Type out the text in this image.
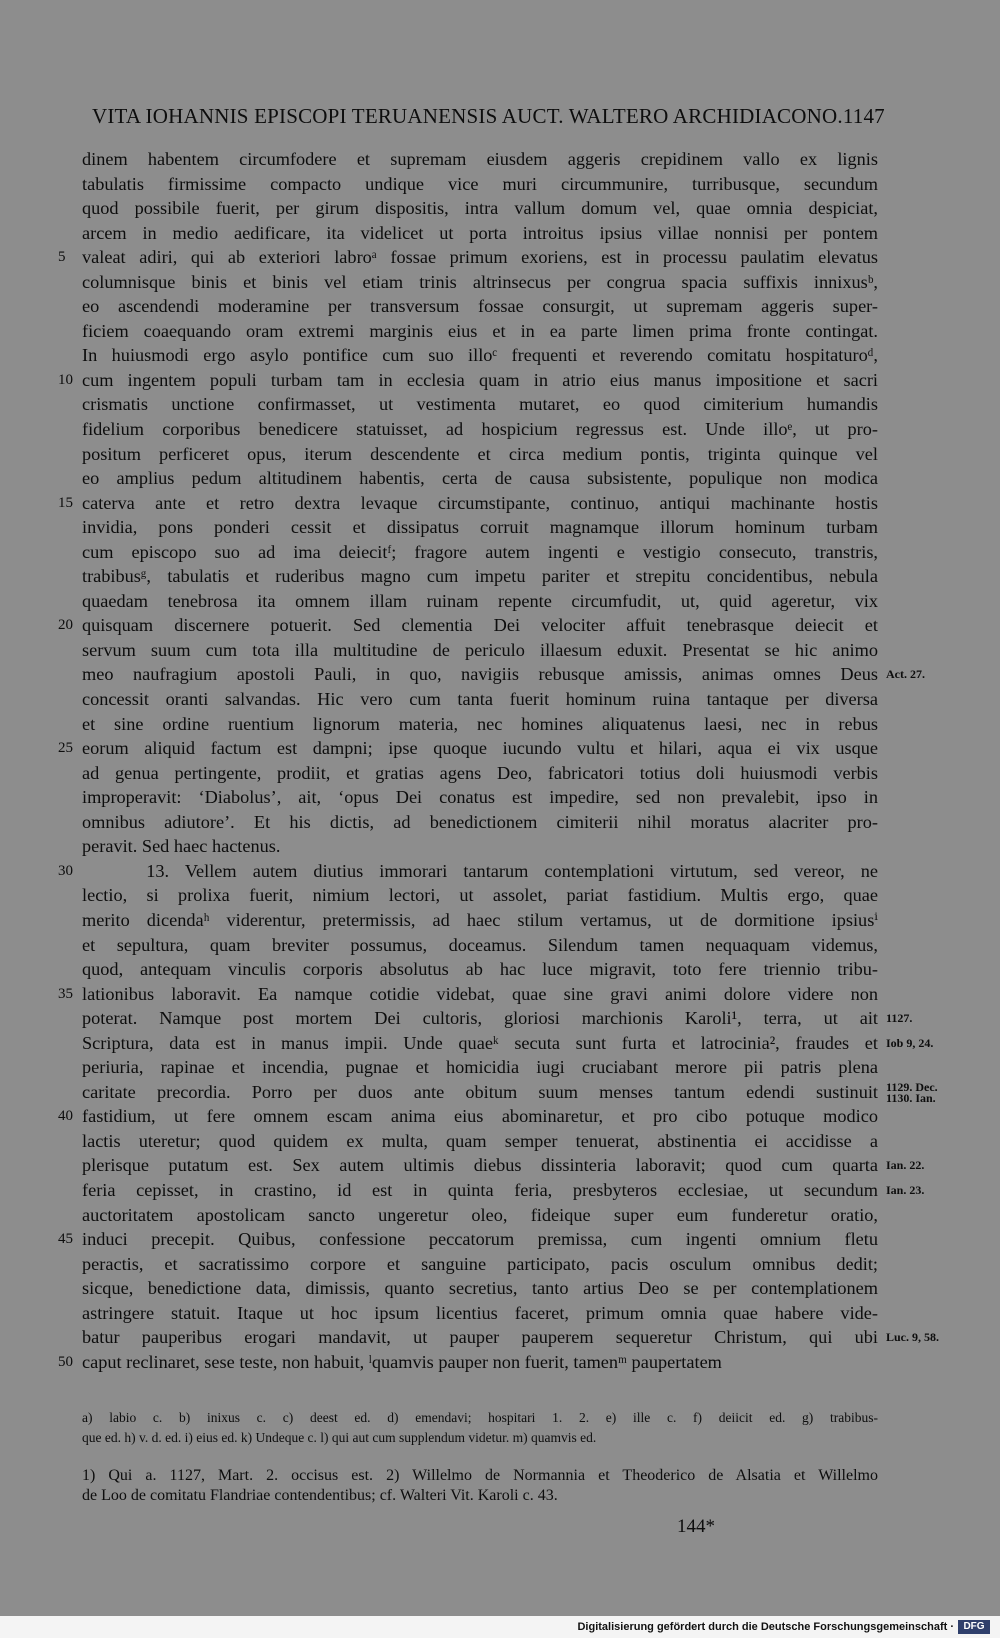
VITA IOHANNIS EPISCOPI TERUANENSIS AUCT. WALTERO ARCHIDIACONO. 1147
dinem habentem circumfodere et supremam eiusdem aggeris crepidinem vallo ex lignis
tabulatis firmissime compacto undique vice muri circummunire, turribusque, secundum
quod possibile fuerit, per girum dispositis, intra vallum domum vel, quae omnia despiciat,
arcem in medio aedificare, ita videlicet ut porta introitus ipsius villae nonnisi per pontem
5 valeat adiri, qui ab exteriori labroᵃ fossae primum exoriens, est in processu paulatim elevatus
columnisque binis et binis vel etiam trinis altrinsecus per congrua spacia suffixis innixusᵇ,
eo ascendendi moderamine per transversum fossae consurgit, ut supremam aggeris super-
ficiem coaequando oram extremi marginis eius et in ea parte limen prima fronte contingat.
In huiusmodi ergo asylo pontifice cum suo illoᶜ frequenti et reverendo comitatu hospitaturoᵈ,
10 cum ingentem populi turbam tam in ecclesia quam in atrio eius manus impositione et sacri
crismatis unctione confirmasset, ut vestimenta mutaret, eo quod cimiterium humandis
fidelium corporibus benedicere statuisset, ad hospicium regressus est. Unde illoᵉ, ut pro-
positum perficeret opus, iterum descendente et circa medium pontis, triginta quinque vel
eo amplius pedum altitudinem habentis, certa de causa subsistente, populique non modica
15 caterva ante et retro dextra levaque circumstipante, continuo, antiqui machinante hostis
invidia, pons ponderi cessit et dissipatus corruit magnamque illorum hominum turbam
cum episcopo suo ad ima deiecitᶠ; fragore autem ingenti e vestigio consecuto, transtris,
trabibusᵍ, tabulatis et ruderibus magno cum impetu pariter et strepitu concidentibus, nebula
quaedam tenebrosa ita omnem illam ruinam repente circumfudit, ut, quid ageretur, vix
20 quisquam discernere potuerit. Sed clementia Dei velociter affuit tenebrasque deiecit et
servum suum cum tota illa multitudine de periculo illaesum eduxit. Presentat se hic animo
meo naufragium apostoli Pauli, in quo, navigiis rebusque amissis, animas omnes Deus Act. 27.
concessit oranti salvandas. Hic vero cum tanta fuerit hominum ruina tantaque per diversa
et sine ordine ruentium lignorum materia, nec homines aliquatenus laesi, nec in rebus
25 eorum aliquid factum est dampni; ipse quoque iucundo vultu et hilari, aqua ei vix usque
ad genua pertingente, prodiit, et gratias agens Deo, fabricatori totius doli huiusmodi verbis
improperavit: ‘Diabolus’, ait, ‘opus Dei conatus est impedire, sed non prevalebit, ipso in
omnibus adiutore’. Et his dictis, ad benedictionem cimiterii nihil moratus alacriter pro-
peravit. Sed haec hactenus.
30 13. Vellem autem diutius immorari tantarum contemplationi virtutum, sed vereor, ne
lectio, si prolixa fuerit, nimium lectori, ut assolet, pariat fastidium. Multis ergo, quae
merito dicendaʰ viderentur, pretermissis, ad haec stilum vertamus, ut de dormitione ipsiusⁱ
et sepultura, quam breviter possumus, doceamus. Silendum tamen nequaquam videmus,
quod, antequam vinculis corporis absolutus ab hac luce migravit, toto fere triennio tribu-
35 lationibus laboravit. Ea namque cotidie videbat, quae sine gravi animi dolore videre non
poterat. Namque post mortem Dei cultoris, gloriosi marchionis Karoli¹, terra, ut ait 1127.
Scriptura, data est in manus impii. Unde quaeᵏ secuta sunt furta et latrocinia², fraudes et Iob 9, 24.
periuria, rapinae et incendia, pugnae et homicidia iugi cruciabant merore pii patris plena
caritate precordia. Porro per duos ante obitum suum menses tantum edendi sustinuit 1129. Dec.
1130. Ian.
40 fastidium, ut fere omnem escam anima eius abominaretur, et pro cibo potuque modico
lactis uteretur; quod quidem ex multa, quam semper tenuerat, abstinentia ei accidisse a
plerisque putatum est. Sex autem ultimis diebus dissinteria laboravit; quod cum quarta Ian. 22.
feria cepisset, in crastino, id est in quinta feria, presbyteros ecclesiae, ut secundum Ian. 23.
auctoritatem apostolicam sancto ungeretur oleo, fideique super eum funderetur oratio,
45 induci precepit. Quibus, confessione peccatorum premissa, cum ingenti omnium fletu
peractis, et sacratissimo corpore et sanguine participato, pacis osculum omnibus dedit;
sicque, benedictione data, dimissis, quanto secretius, tanto artius Deo se per contemplationem
astringere statuit. Itaque ut hoc ipsum licentius faceret, primum omnia quae habere vide-
batur pauperibus erogari mandavit, ut pauper pauperem sequeretur Christum, qui ubi Luc. 9, 58.
50 caput reclinaret, sese teste, non habuit, ˡquamvis pauper non fuerit, tamenᵐ paupertatem
a) labio c. b) inixus c. c) deest ed. d) emendavi; hospitari 1. 2. e) ille c. f) deiicit ed. g) trabibus-
que ed. h) v. d. ed. i) eius ed. k) Undeque c. l) qui aut cum supplendum videtur. m) quamvis ed.
1) Qui a. 1127, Mart. 2. occisus est. 2) Willelmo de Normannia et Theoderico de Alsatia et Willelmo
de Loo de comitatu Flandriae contendentibus; cf. Walteri Vit. Karoli c. 43.
144*
Digitalisierung gefördert durch die Deutsche Forschungsgemeinschaft · DFG
